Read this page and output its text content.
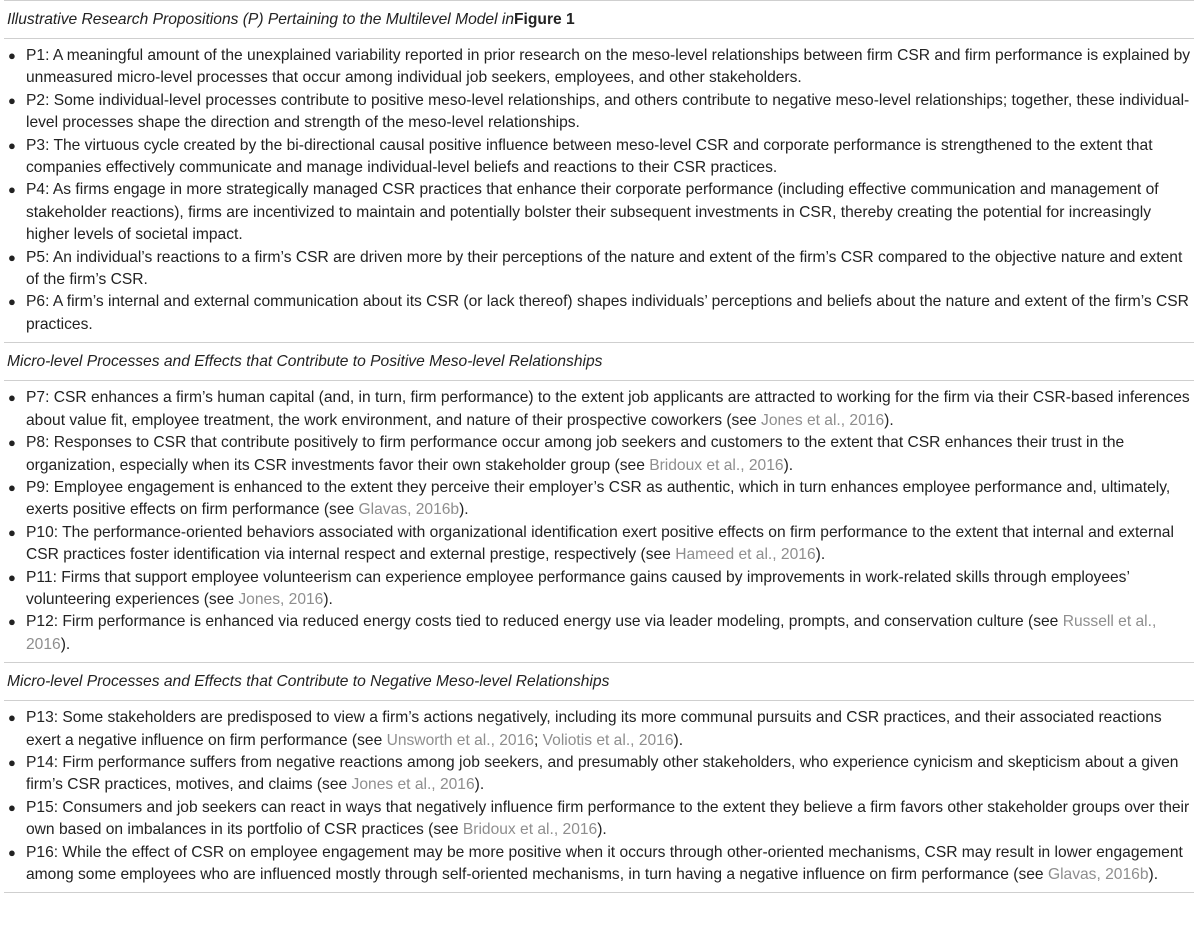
Illustrative Research Propositions (P) Pertaining to the Multilevel Model in Figure 1
● P1: A meaningful amount of the unexplained variability reported in prior research on the meso-level relationships between firm CSR and firm performance is explained by unmeasured micro-level processes that occur among individual job seekers, employees, and other stakeholders.
● P2: Some individual-level processes contribute to positive meso-level relationships, and others contribute to negative meso-level relationships; together, these individual-level processes shape the direction and strength of the meso-level relationships.
● P3: The virtuous cycle created by the bi-directional causal positive influence between meso-level CSR and corporate performance is strengthened to the extent that companies effectively communicate and manage individual-level beliefs and reactions to their CSR practices.
● P4: As firms engage in more strategically managed CSR practices that enhance their corporate performance (including effective communication and management of stakeholder reactions), firms are incentivized to maintain and potentially bolster their subsequent investments in CSR, thereby creating the potential for increasingly higher levels of societal impact.
● P5: An individual’s reactions to a firm’s CSR are driven more by their perceptions of the nature and extent of the firm’s CSR compared to the objective nature and extent of the firm’s CSR.
● P6: A firm’s internal and external communication about its CSR (or lack thereof) shapes individuals’ perceptions and beliefs about the nature and extent of the firm’s CSR practices.
Micro-level Processes and Effects that Contribute to Positive Meso-level Relationships
● P7: CSR enhances a firm’s human capital (and, in turn, firm performance) to the extent job applicants are attracted to working for the firm via their CSR-based inferences about value fit, employee treatment, the work environment, and nature of their prospective coworkers (see Jones et al., 2016).
● P8: Responses to CSR that contribute positively to firm performance occur among job seekers and customers to the extent that CSR enhances their trust in the organization, especially when its CSR investments favor their own stakeholder group (see Bridoux et al., 2016).
● P9: Employee engagement is enhanced to the extent they perceive their employer’s CSR as authentic, which in turn enhances employee performance and, ultimately, exerts positive effects on firm performance (see Glavas, 2016b).
● P10: The performance-oriented behaviors associated with organizational identification exert positive effects on firm performance to the extent that internal and external CSR practices foster identification via internal respect and external prestige, respectively (see Hameed et al., 2016).
● P11: Firms that support employee volunteerism can experience employee performance gains caused by improvements in work-related skills through employees’ volunteering experiences (see Jones, 2016).
● P12: Firm performance is enhanced via reduced energy costs tied to reduced energy use via leader modeling, prompts, and conservation culture (see Russell et al., 2016).
Micro-level Processes and Effects that Contribute to Negative Meso-level Relationships
● P13: Some stakeholders are predisposed to view a firm’s actions negatively, including its more communal pursuits and CSR practices, and their associated reactions exert a negative influence on firm performance (see Unsworth et al., 2016; Voliotis et al., 2016).
● P14: Firm performance suffers from negative reactions among job seekers, and presumably other stakeholders, who experience cynicism and skepticism about a given firm’s CSR practices, motives, and claims (see Jones et al., 2016).
● P15: Consumers and job seekers can react in ways that negatively influence firm performance to the extent they believe a firm favors other stakeholder groups over their own based on imbalances in its portfolio of CSR practices (see Bridoux et al., 2016).
● P16: While the effect of CSR on employee engagement may be more positive when it occurs through other-oriented mechanisms, CSR may result in lower engagement among some employees who are influenced mostly through self-oriented mechanisms, in turn having a negative influence on firm performance (see Glavas, 2016b).
